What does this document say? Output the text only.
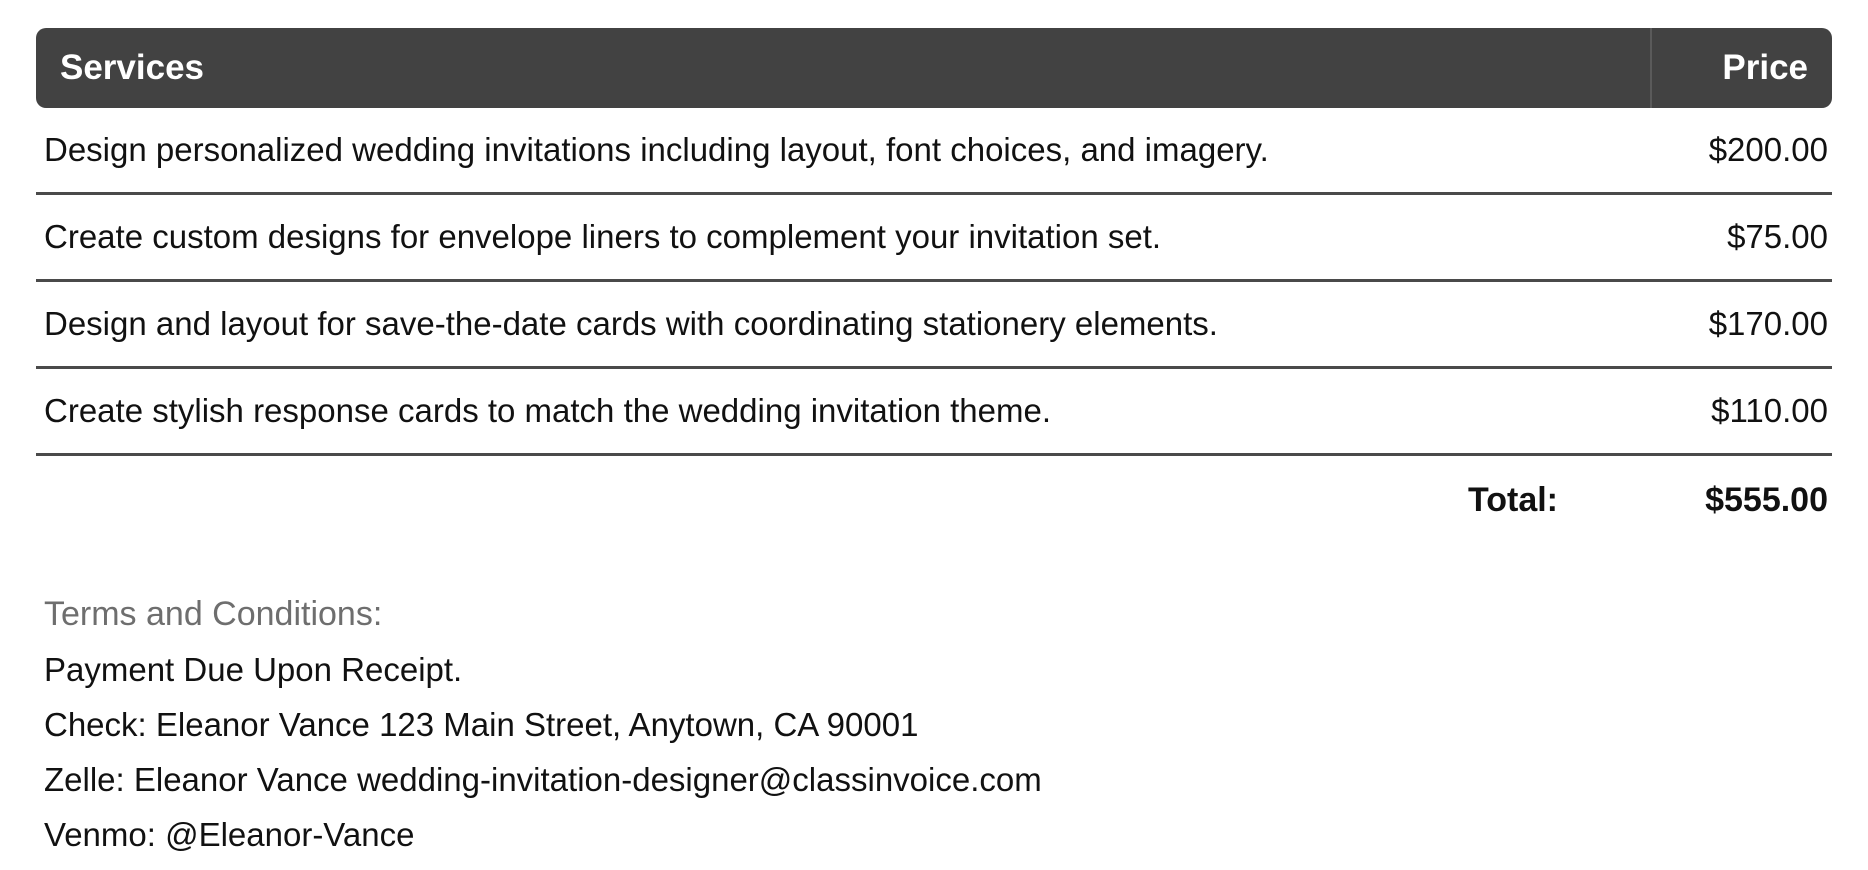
Services	Price
Design personalized wedding invitations including layout, font choices, and imagery.	$200.00
Create custom designs for envelope liners to complement your invitation set.	$75.00
Design and layout for save-the-date cards with coordinating stationery elements.	$170.00
Create stylish response cards to match the wedding invitation theme.	$110.00
Total:	$555.00
Terms and Conditions:
Payment Due Upon Receipt.
Check: Eleanor Vance 123 Main Street, Anytown, CA 90001
Zelle: Eleanor Vance wedding-invitation-designer@classinvoice.com
Venmo: @Eleanor-Vance
